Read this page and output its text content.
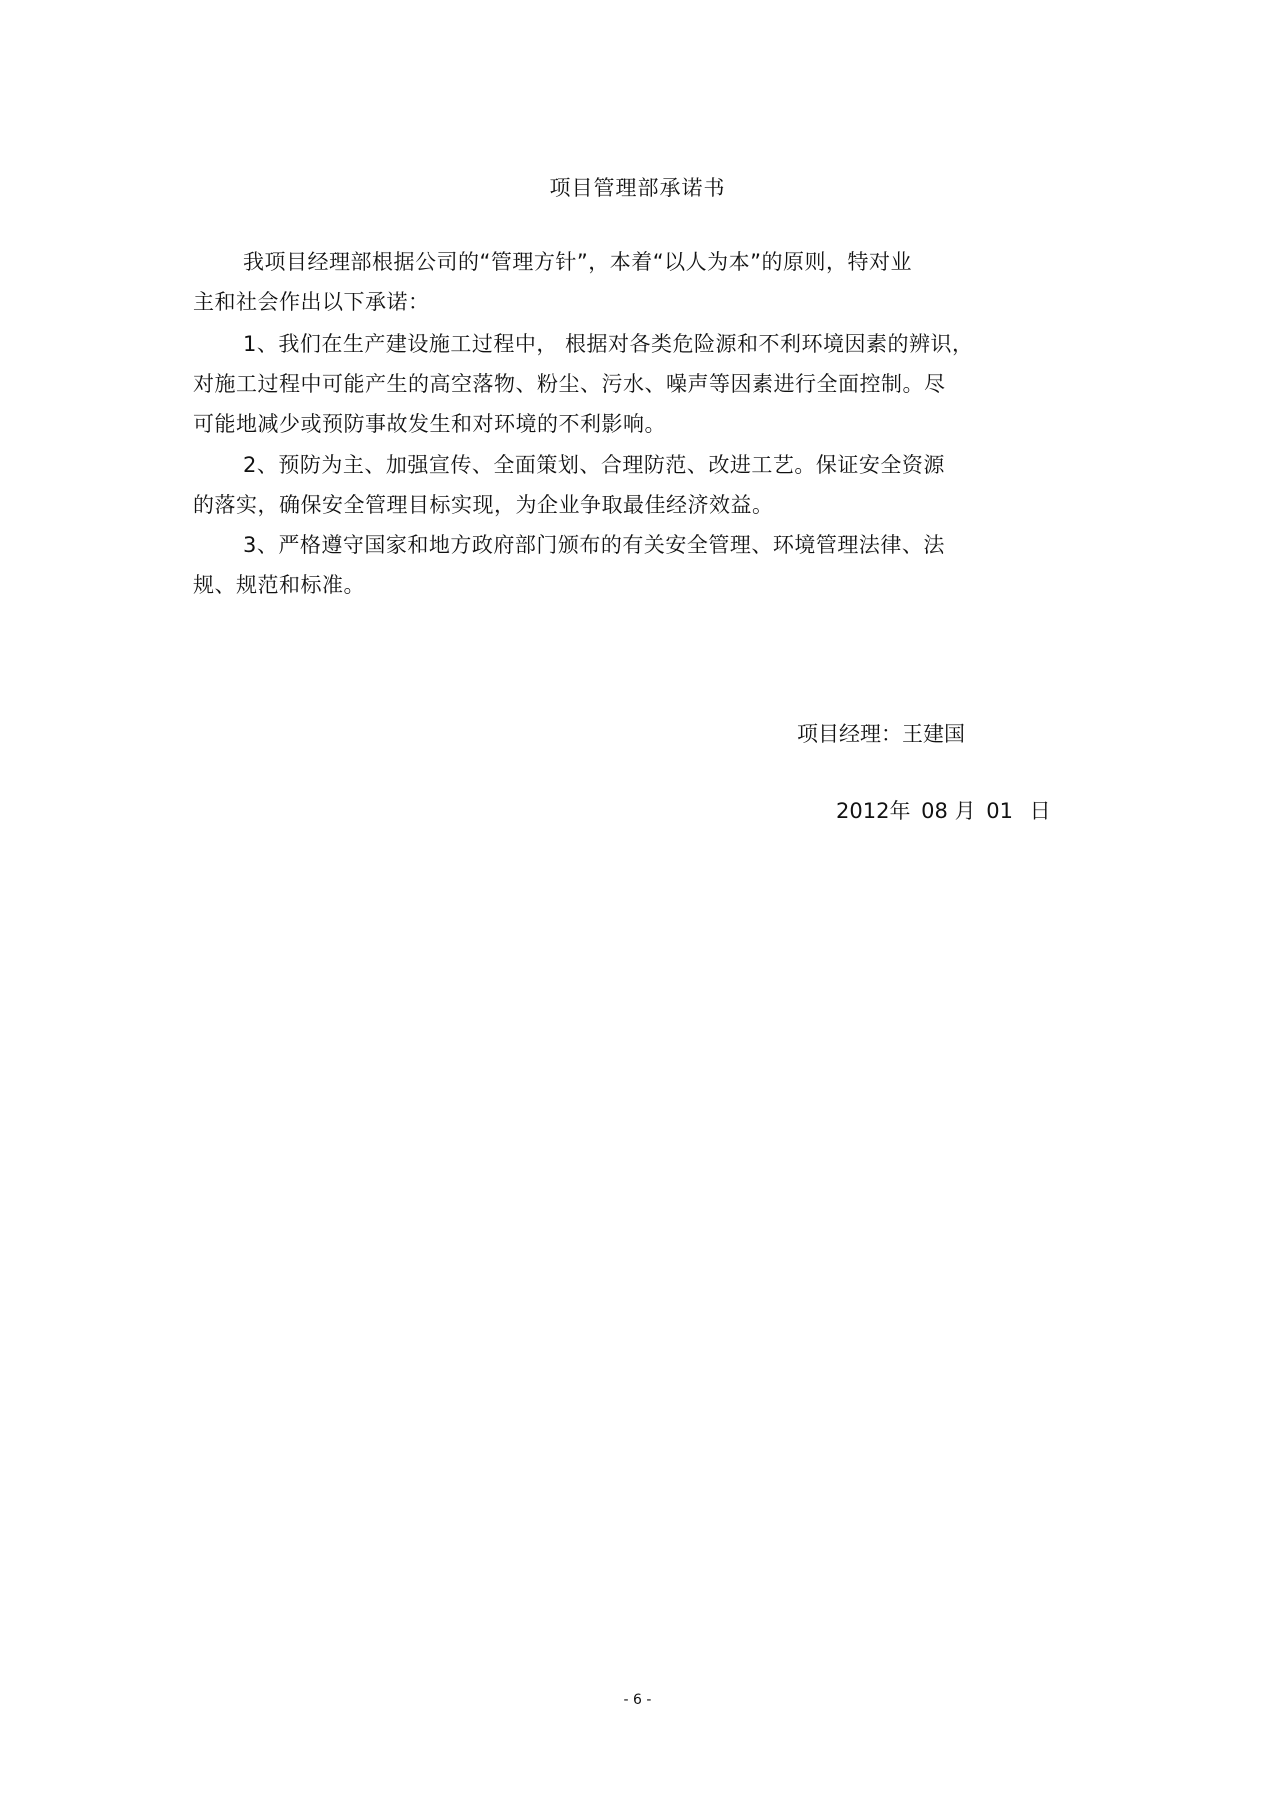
项目管理部承诺书
我项目经理部根据公司的“管理方针”，本着“以人为本”的原则，特对业
主和社会作出以下承诺：
1、我们在生产建设施工过程中， 根据对各类危险源和不利环境因素的辨识，
对施工过程中可能产生的高空落物、粉尘、污水、噪声等因素进行全面控制。尽
可能地减少或预防事故发生和对环境的不利影响。
2、预防为主、加强宣传、全面策划、合理防范、改进工艺。保证安全资源
的落实，确保安全管理目标实现，为企业争取最佳经济效益。
3、严格遵守国家和地方政府部门颁布的有关安全管理、环境管理法律、法
规、规范和标准。
项目经理：王建国
2012年 08 月 01 日
- 6 -
